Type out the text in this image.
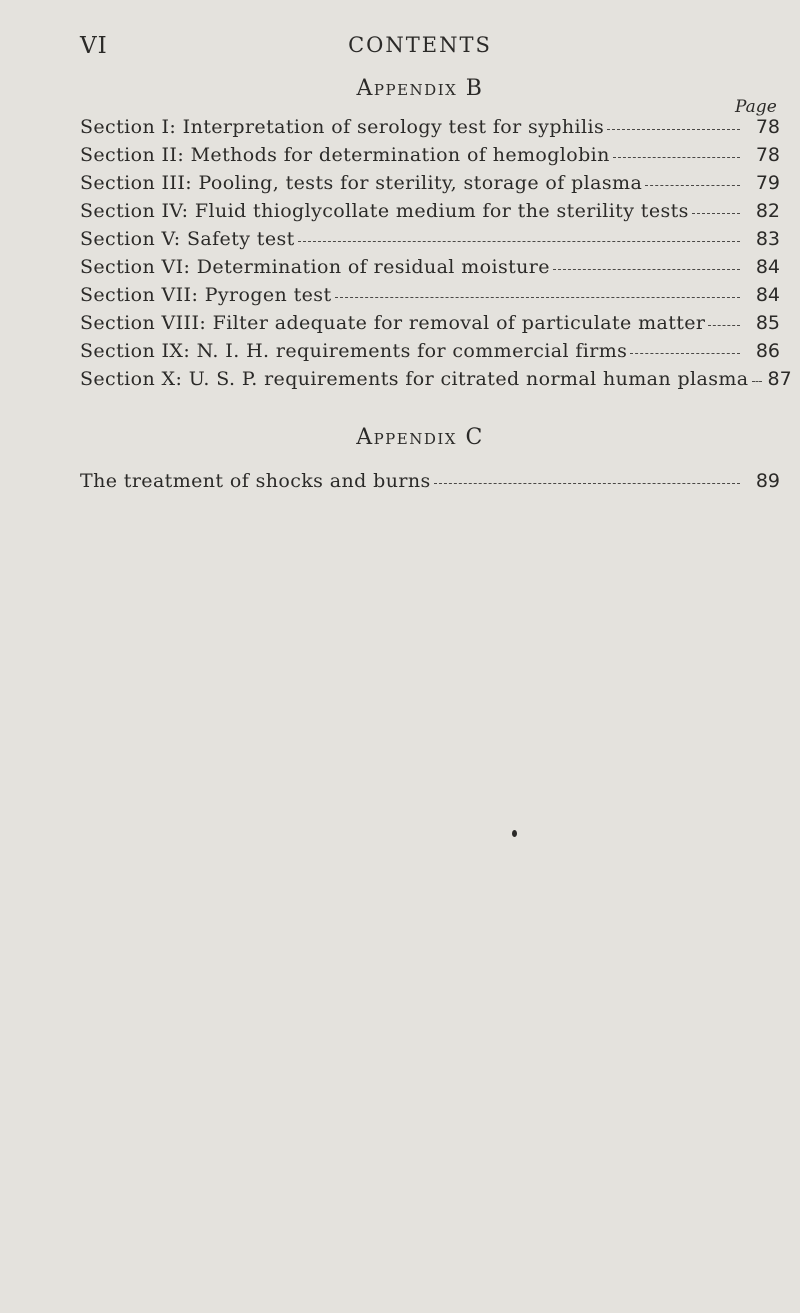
VI	CONTENTS
Appendix B
Page
Section I: Interpretation of serology test for syphilis	78
Section II: Methods for determination of hemoglobin	78
Section III: Pooling, tests for sterility, storage of plasma	79
Section IV: Fluid thioglycollate medium for the sterility tests	82
Section V: Safety test	83
Section VI: Determination of residual moisture	84
Section VII: Pyrogen test	84
Section VIII: Filter adequate for removal of particulate matter	85
Section IX: N. I. H. requirements for commercial firms	86
Section X: U. S. P. requirements for citrated normal human plasma 87
Appendix C
The treatment of shocks and burns	89
